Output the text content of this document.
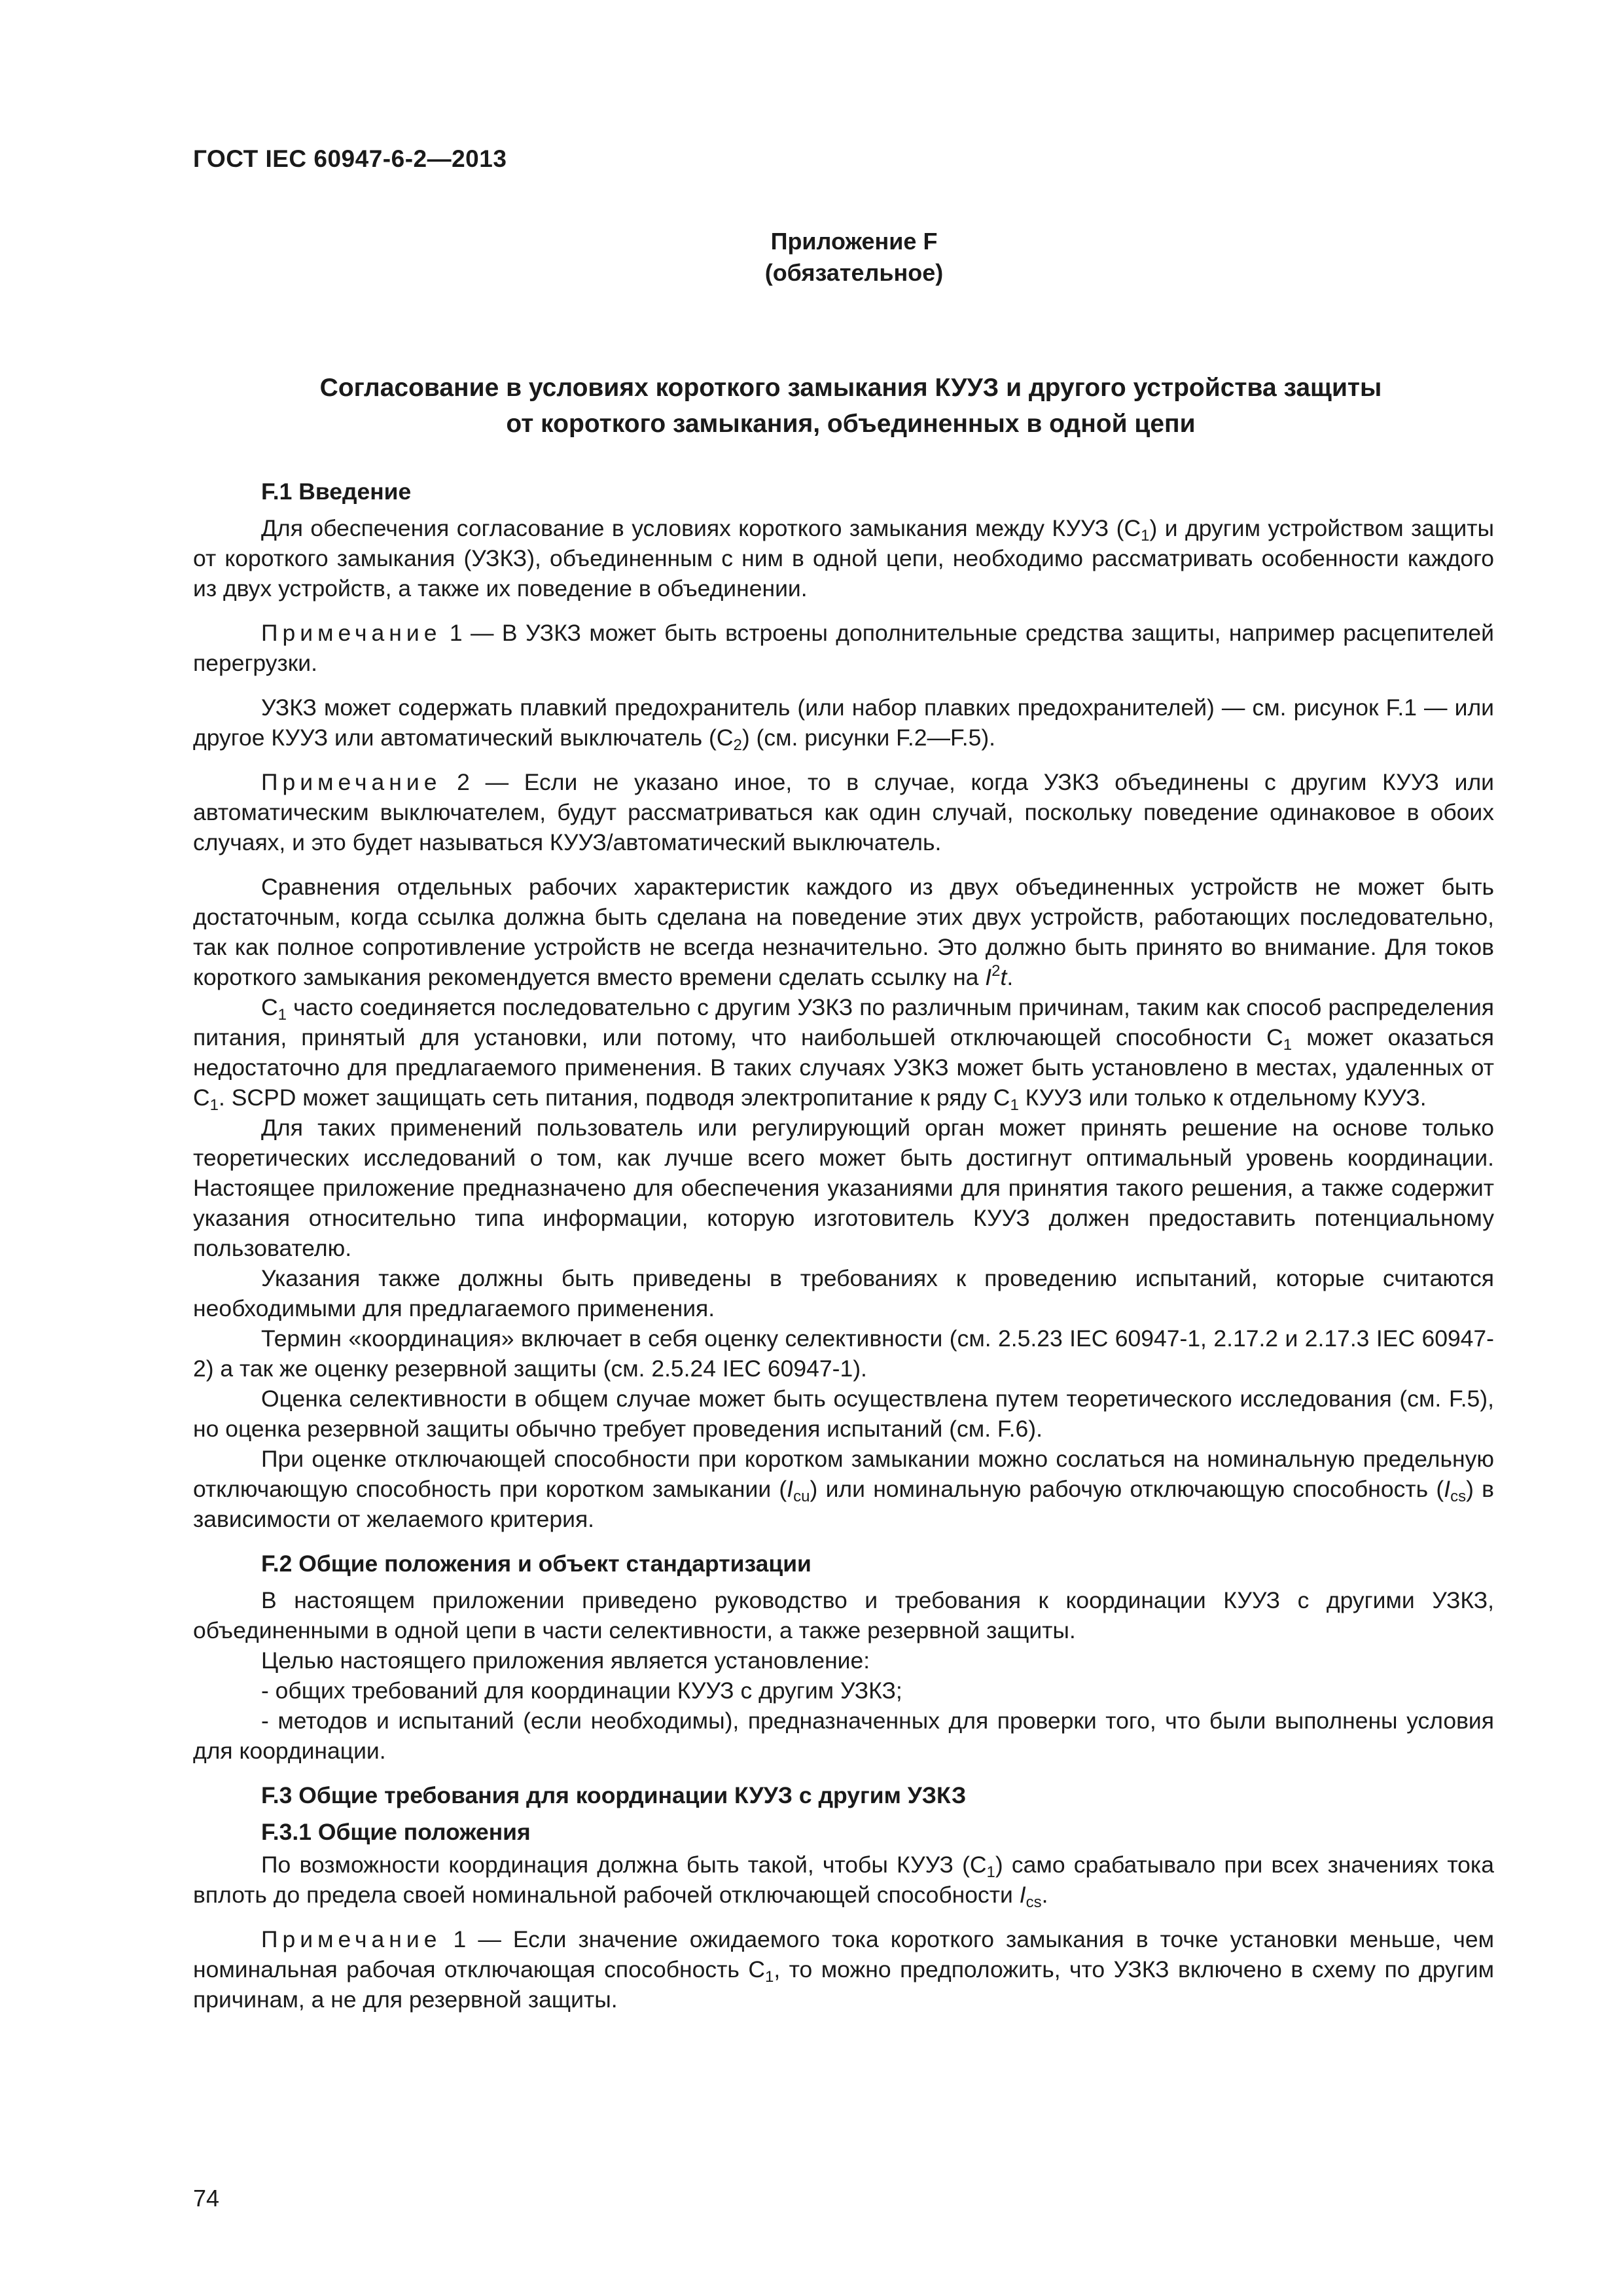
ГОСТ IEC 60947-6-2—2013
Приложение F
(обязательное)
Согласование в условиях короткого замыкания КУУЗ и другого устройства защиты
от короткого замыкания, объединенных в одной цепи
F.1 Введение

Для обеспечения согласование в условиях короткого замыкания между КУУЗ $(С_1)$ и другим устройством защиты от короткого замыкания (УЗКЗ), объединенным с ним в одной цепи, необходимо рассматривать особенности каждого из двух устройств, а также их поведение в объединении.

Примечание 1 — В УЗКЗ может быть встроены дополнительные средства защиты, например расцепителей перегрузки.

УЗКЗ может содержать плавкий предохранитель (или набор плавких предохранителей) — см. рисунок F.1 — или другое КУУЗ или автоматический выключатель $(С_2)$ (см. рисунки F.2—F.5).

Примечание 2 — Если не указано иное, то в случае, когда УЗКЗ объединены с другим КУУЗ или автоматическим выключателем, будут рассматриваться как один случай, поскольку поведение одинаковое в обоих случаях, и это будет называться КУУЗ/автоматический выключатель.

Сравнения отдельных рабочих характеристик каждого из двух объединенных устройств не может быть достаточным, когда ссылка должна быть сделана на поведение этих двух устройств, работающих последовательно, так как полное сопротивление устройств не всегда незначительно. Это должно быть принято во внимание. Для токов короткого замыкания рекомендуется вместо времени сделать ссылку на $I^2t$.

$С_1$ часто соединяется последовательно с другим УЗКЗ по различным причинам, таким как способ распределения питания, принятый для установки, или потому, что наибольшей отключающей способности $С_1$ может оказаться недостаточно для предлагаемого применения. В таких случаях УЗКЗ может быть установлено в местах, удаленных от $С_1$. SCPD может защищать сеть питания, подводя электропитание к ряду $С_1$ КУУЗ или только к отдельному КУУЗ.

Для таких применений пользователь или регулирующий орган может принять решение на основе только теоретических исследований о том, как лучше всего может быть достигнут оптимальный уровень координации. Настоящее приложение предназначено для обеспечения указаниями для принятия такого решения, а также содержит указания относительно типа информации, которую изготовитель КУУЗ должен предоставить потенциальному пользователю.

Указания также должны быть приведены в требованиях к проведению испытаний, которые считаются необходимыми для предлагаемого применения.

Термин «координация» включает в себя оценку селективности (см. 2.5.23 IEC 60947-1, 2.17.2 и 2.17.3 IEC 60947-2) а так же оценку резервной защиты (см. 2.5.24 IEC 60947-1).

Оценка селективности в общем случае может быть осуществлена путем теоретического исследования (см. F.5), но оценка резервной защиты обычно требует проведения испытаний (см. F.6).

При оценке отключающей способности при коротком замыкании можно сослаться на номинальную предельную отключающую способность при коротком замыкании $(I_{cu})$ или номинальную рабочую отключающую способность $(I_{cs})$ в зависимости от желаемого критерия.

F.2 Общие положения и объект стандартизации

В настоящем приложении приведено руководство и требования к координации КУУЗ с другими УЗКЗ, объединенными в одной цепи в части селективности, а также резервной защиты.

Целью настоящего приложения является установление:

- общих требований для координации КУУЗ с другим УЗКЗ;

- методов и испытаний (если необходимы), предназначенных для проверки того, что были выполнены условия для координации.

F.3 Общие требования для координации КУУЗ с другим УЗКЗ
F.3.1 Общие положения

По возможности координация должна быть такой, чтобы КУУЗ $(С_1)$ само срабатывало при всех значениях тока вплоть до предела своей номинальной рабочей отключающей способности $I_{cs}$.

Примечание 1 — Если значение ожидаемого тока короткого замыкания в точке установки меньше, чем номинальная рабочая отключающая способность $С_1$, то можно предположить, что УЗКЗ включено в схему по другим причинам, а не для резервной защиты.

74
